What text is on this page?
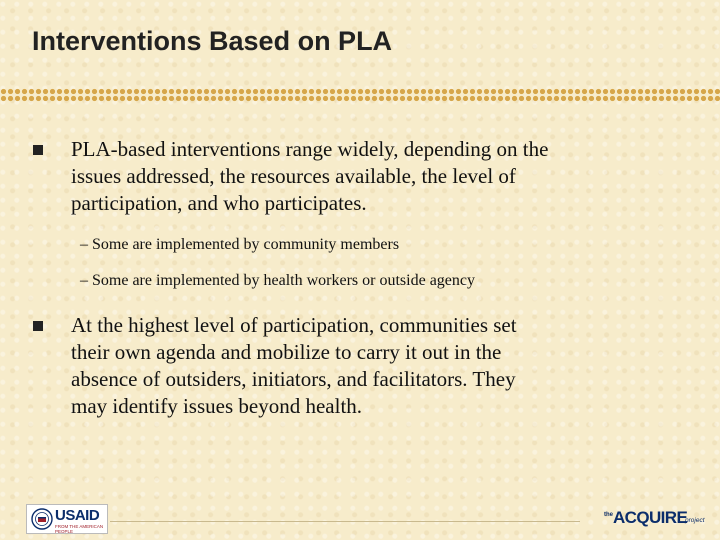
Interventions Based on PLA
PLA-based interventions range widely, depending on the
issues addressed, the resources available, the level of
participation, and who participates.
– Some are implemented by community members
– Some are implemented by health workers or outside agency
At the highest level of participation, communities set
their own agenda and mobilize to carry it out in the
absence of outsiders, initiators, and facilitators. They
may identify issues beyond health.
USAID
FROM THE AMERICAN PEOPLE
the ACQUIRE
project
